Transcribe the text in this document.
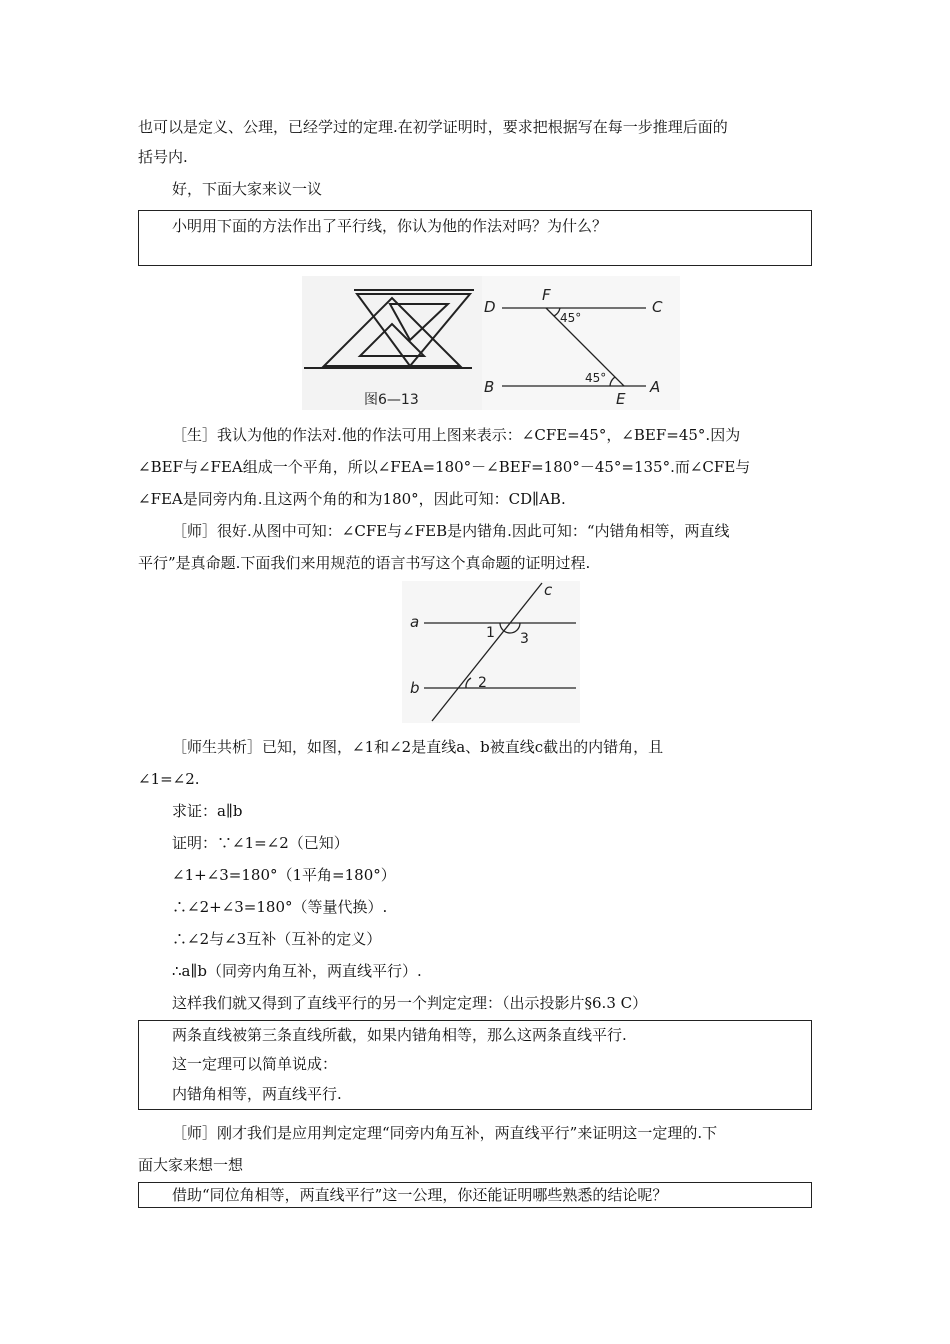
也可以是定义、公理，已经学过的定理.在初学证明时，要求把根据写在每一步推理后面的
括号内.
好，下面大家来议一议
小明用下面的方法作出了平行线，你认为他的作法对吗？为什么？
D
F
C
B
E
A
45°
45°
图6—13
［生］我认为他的作法对.他的作法可用上图来表示：∠CFE=45°，∠BEF=45°.因为
∠BEF与∠FEA组成一个平角，所以∠FEA=180°－∠BEF=180°－45°=135°.而∠CFE与
∠FEA是同旁内角.且这两个角的和为180°，因此可知：CD∥AB.
［师］很好.从图中可知：∠CFE与∠FEB是内错角.因此可知：“内错角相等，两直线
平行”是真命题.下面我们来用规范的语言书写这个真命题的证明过程.
a
b
c
1 3
2
［师生共析］已知，如图，∠1和∠2是直线a、b被直线c截出的内错角，且
∠1=∠2.
求证：a∥b
证明：∵∠1=∠2（已知）
∠1+∠3=180°（1平角=180°）
∴∠2+∠3=180°（等量代换）.
∴∠2与∠3互补（互补的定义）
∴a∥b（同旁内角互补，两直线平行）.
这样我们就又得到了直线平行的另一个判定定理：（出示投影片§6.3 C）
两条直线被第三条直线所截，如果内错角相等，那么这两条直线平行.
这一定理可以简单说成：
内错角相等，两直线平行.
［师］刚才我们是应用判定定理“同旁内角互补，两直线平行”来证明这一定理的.下
面大家来想一想
借助“同位角相等，两直线平行”这一公理，你还能证明哪些熟悉的结论呢？
